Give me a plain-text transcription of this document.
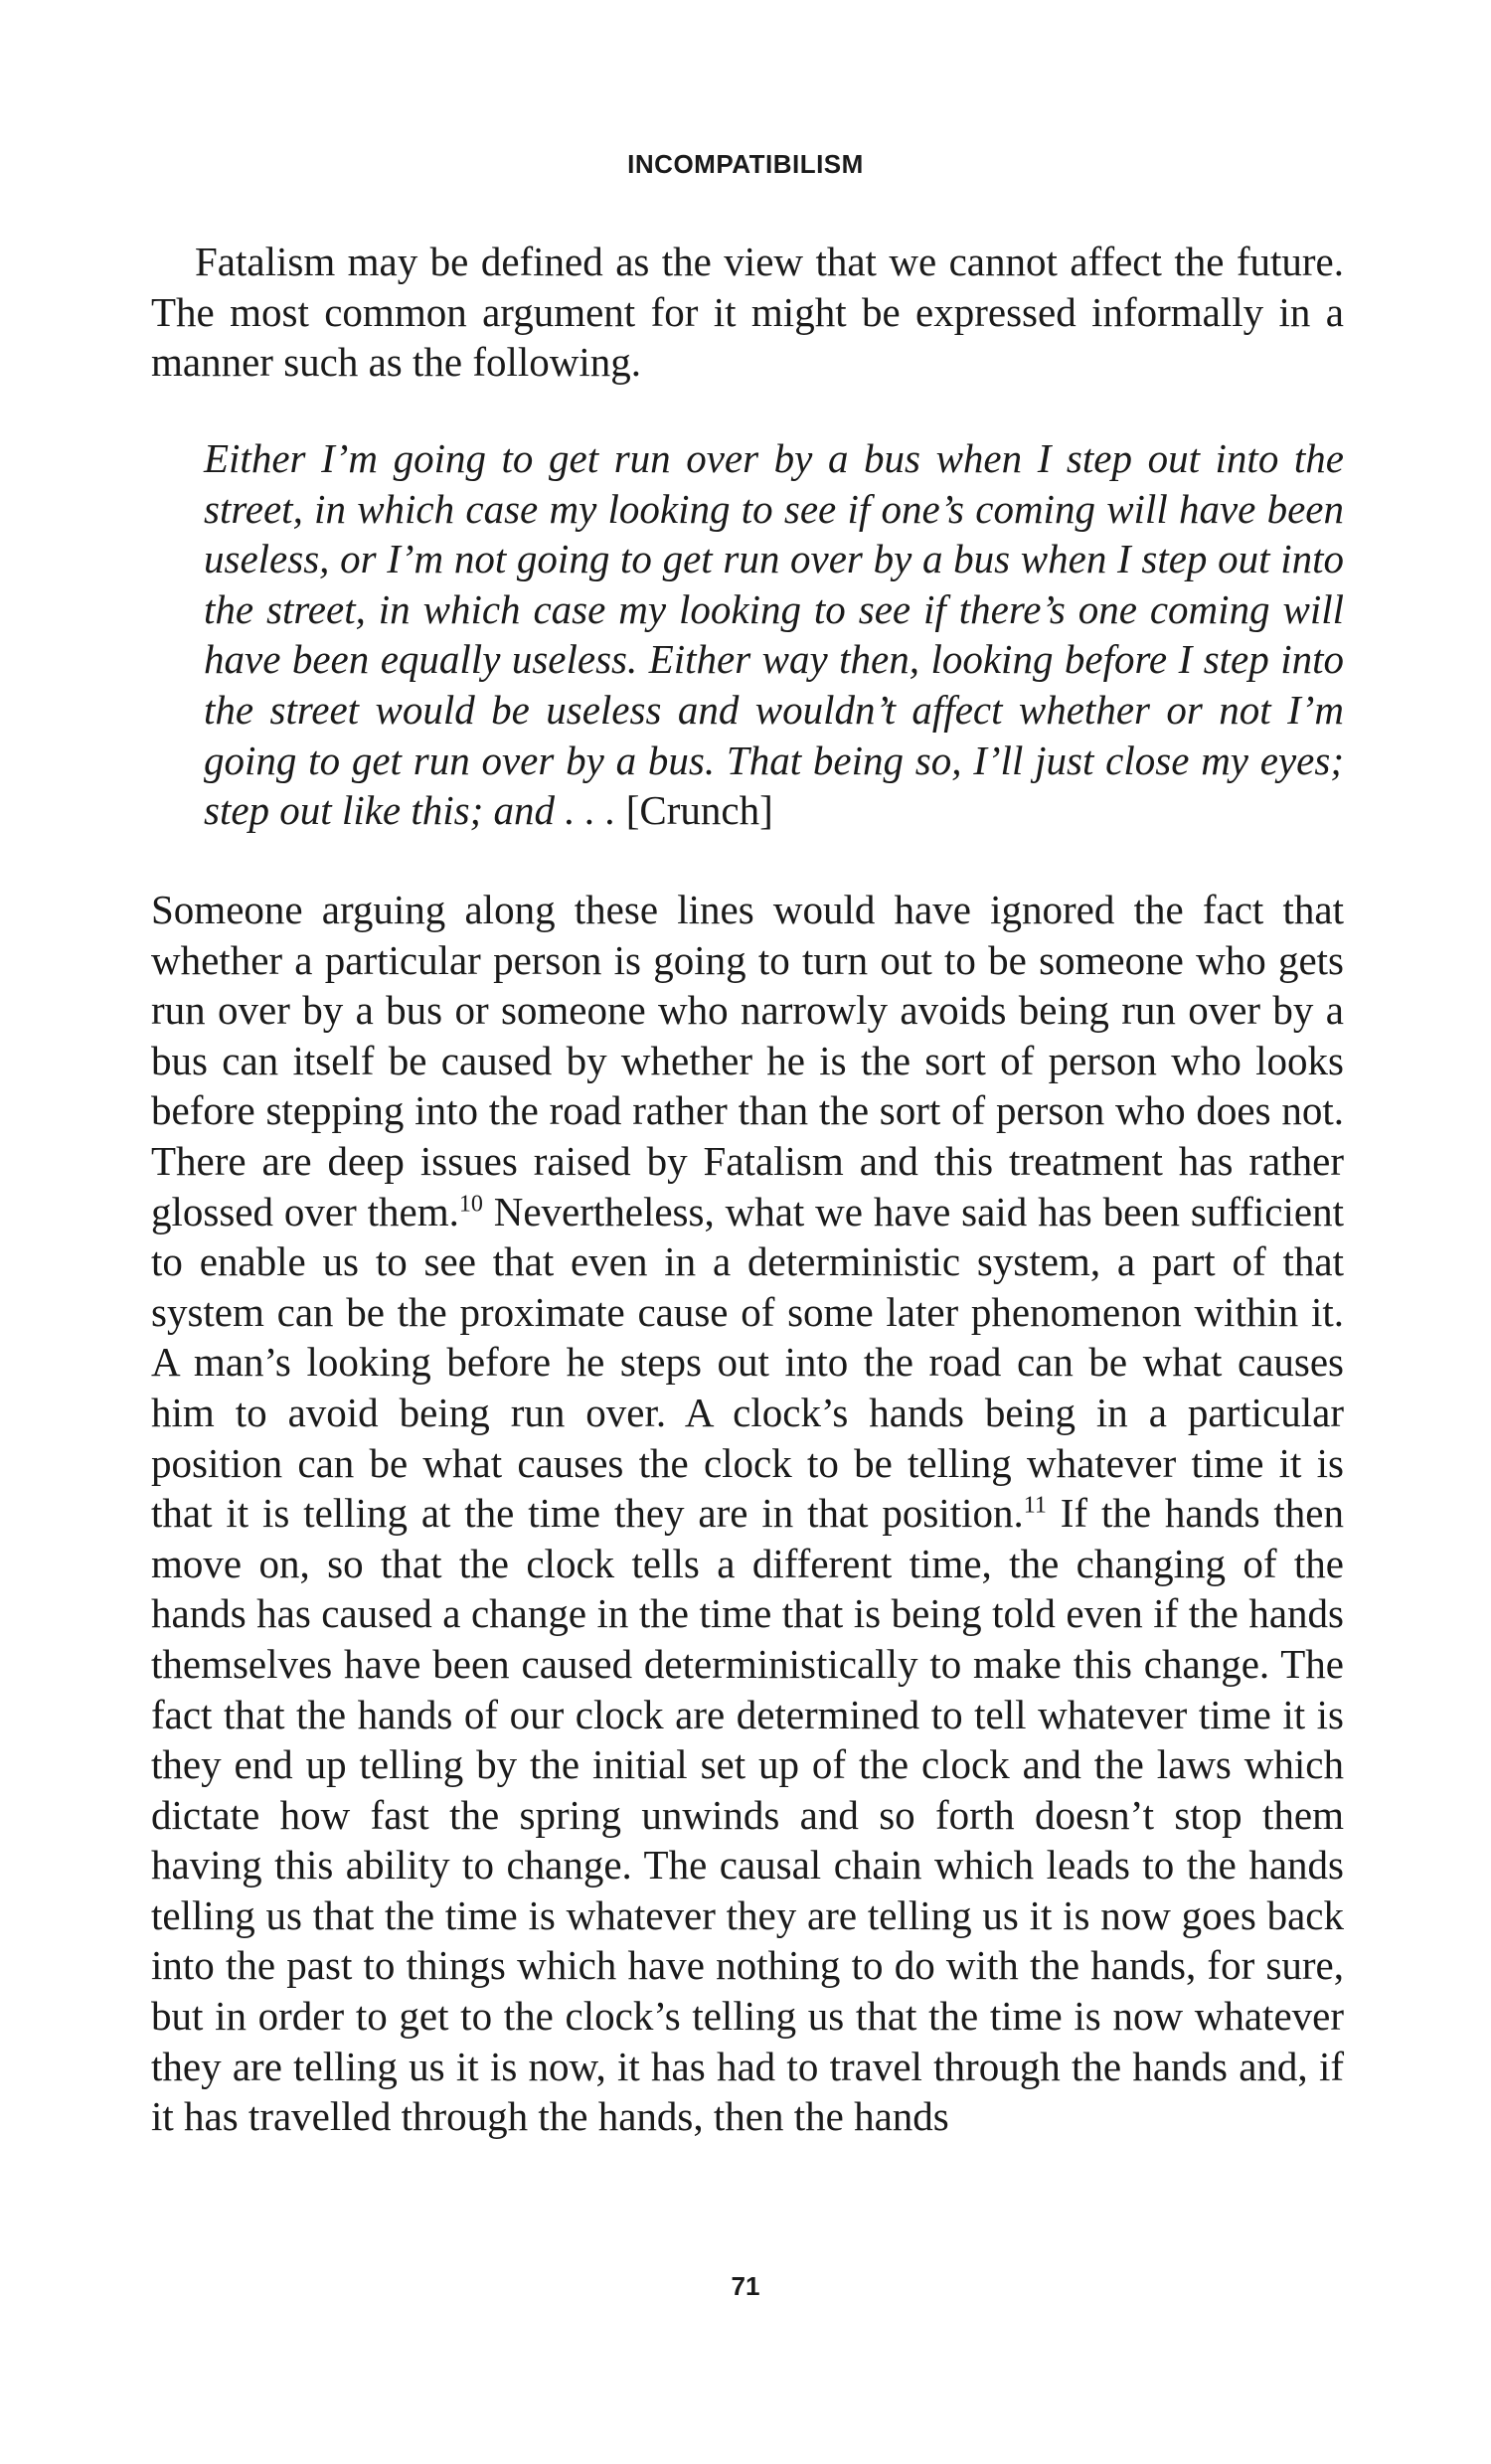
INCOMPATIBILISM

Fatalism may be defined as the view that we cannot affect the future. The most common argument for it might be expressed informally in a manner such as the following.

Either I’m going to get run over by a bus when I step out into the street, in which case my looking to see if one’s coming will have been useless, or I’m not going to get run over by a bus when I step out into the street, in which case my looking to see if there’s one coming will have been equally useless. Either way then, looking before I step into the street would be useless and wouldn’t affect whether or not I’m going to get run over by a bus. That being so, I’ll just close my eyes; step out like this; and . . . [Crunch]

Someone arguing along these lines would have ignored the fact that whether a particular person is going to turn out to be someone who gets run over by a bus or someone who narrowly avoids being run over by a bus can itself be caused by whether he is the sort of person who looks before stepping into the road rather than the sort of person who does not. There are deep issues raised by Fatalism and this treatment has rather glossed over them.$^{10}$ Nevertheless, what we have said has been sufficient to enable us to see that even in a deterministic system, a part of that system can be the proximate cause of some later phenomenon within it. A man’s looking before he steps out into the road can be what causes him to avoid being run over. A clock’s hands being in a particular position can be what causes the clock to be telling whatever time it is that it is telling at the time they are in that position.$^{11}$ If the hands then move on, so that the clock tells a different time, the changing of the hands has caused a change in the time that is being told even if the hands themselves have been caused deterministically to make this change. The fact that the hands of our clock are determined to tell whatever time it is they end up telling by the initial set up of the clock and the laws which dictate how fast the spring unwinds and so forth doesn’t stop them having this ability to change. The causal chain which leads to the hands telling us that the time is whatever they are telling us it is now goes back into the past to things which have nothing to do with the hands, for sure, but in order to get to the clock’s telling us that the time is now whatever they are telling us it is now, it has had to travel through the hands and, if it has travelled through the hands, then the hands

71
